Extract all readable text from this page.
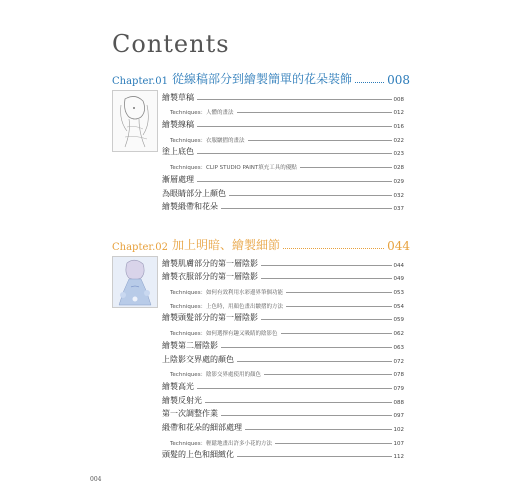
Contents
Chapter.01 從線稿部分到繪製簡單的花朵裝飾	008
繪製草稿	008
Techniques：人體的畫法	012
繪製線稿	016
Techniques：衣服皺摺的畫法	022
塗上底色	023
Techniques：CLIP STUDIO PAINT填充工具的優點	028
漸層處理	029
為眼睛部分上顏色	032
繪製緞帶和花朵	037
Chapter.02 加上明暗、繪製細節	044
繪製肌膚部分的第一層陰影	044
繪製衣服部分的第一層陰影	049
Techniques：如何有效利用水彩邊界筆個功能	053
Techniques：上色時，用顏色畫出皺摺的方法	054
繪製頭髮部分的第一層陰影	059
Techniques：如何選擇有趣又吸睛的陰影色	062
繪製第二層陰影	063
上陰影交界處的顏色	072
Techniques：陰影交界處使用的顏色	078
繪製高光	079
繪製反射光	088
第一次調整作業	097
緞帶和花朵的細部處理	102
Techniques：輕鬆地畫出許多小花的方法	107
頭髮的上色和細緻化	112
004
